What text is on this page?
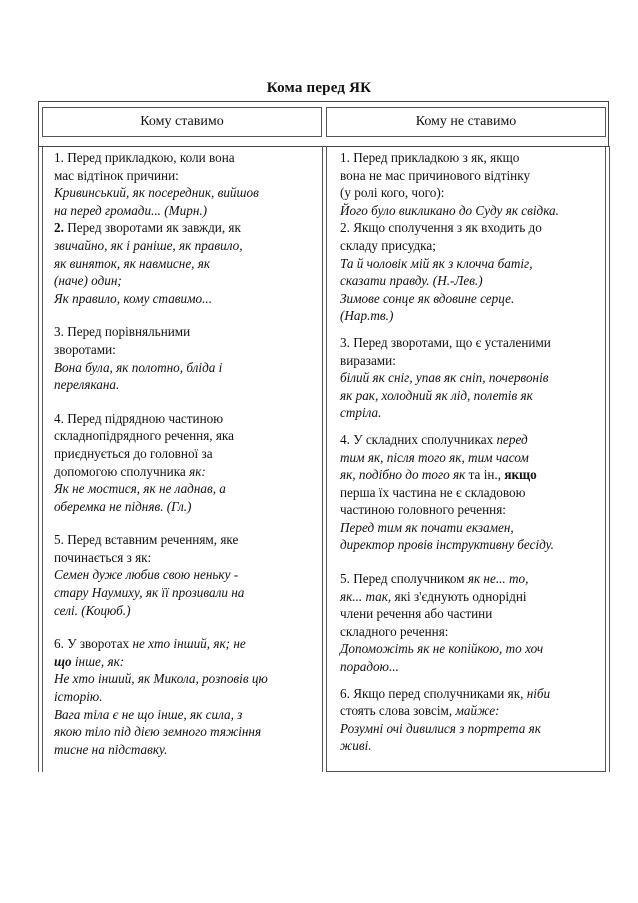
Кома перед ЯК
Кому ставимо	Кому не ставимо

1. Перед прикладкою, коли вона

мас відтінок причини:

Кривинський, як посередник, вийшов

на перед громади... (Мирн.)

2. Перед зворотами як завжди, як

звичайно, як і раніше, як правило,

як виняток, як навмисне, як

(наче) один;

Як правило, кому ставимо...

3. Перед порівняльними

зворотами:

Вона була, як полотно, бліда і

перелякана.

4. Перед підрядною частиною

складнопідрядного речення, яка

приєднується до головної за

допомогою сполучника як:

Як не мостися, як не ладнав, а

оберемка не підняв. (Гл.)

5. Перед вставним реченням, яке

починається з як:

Семен дуже любив свою неньку -

стару Наумиху, як її прозивали на

селі. (Коцюб.)

6. У зворотах не хто інший, як; не

що інше, як:

Не хто інший, як Микола, розповів цю

історію.

Вага тіла є не що інше, як сила, з

якою тіло під дією земного тяжіння

тисне на підставку.

1. Перед прикладкою з як, якщо

вона не мас причинового відтінку

(у ролі кого, чого):

Його було викликано до Суду як свідка.

2. Якщо сполучення з як входить до

складу присудка;

Та й чоловік мій як з клочча батіг,

сказати правду. (Н.-Лев.)

Зимове сонце як вдовине серце.

(Нар.тв.)

3. Перед зворотами, що є усталеними

виразами:

білий як сніг, упав як сніп, почервонів

як рак, холодний як лід, полетів як

стріла.

4. У складних сполучниках перед

тим як, після того як, тим часом

як, подібно до того як та ін., якщо

перша їх частина не є складовою

частиною головного речення:

Перед тим як почати екзамен,

директор провів інструктивну бесіду.

5. Перед сполучником як не... то,

як... так, які з'єднують однорідні

члени речення або частини

складного речення:

Допоможіть як не копійкою, то хоч

порадою...

6. Якщо перед сполучниками як, ніби

стоять слова зовсім, майже:

Розумні очі дивилися з портрета як

живі.
